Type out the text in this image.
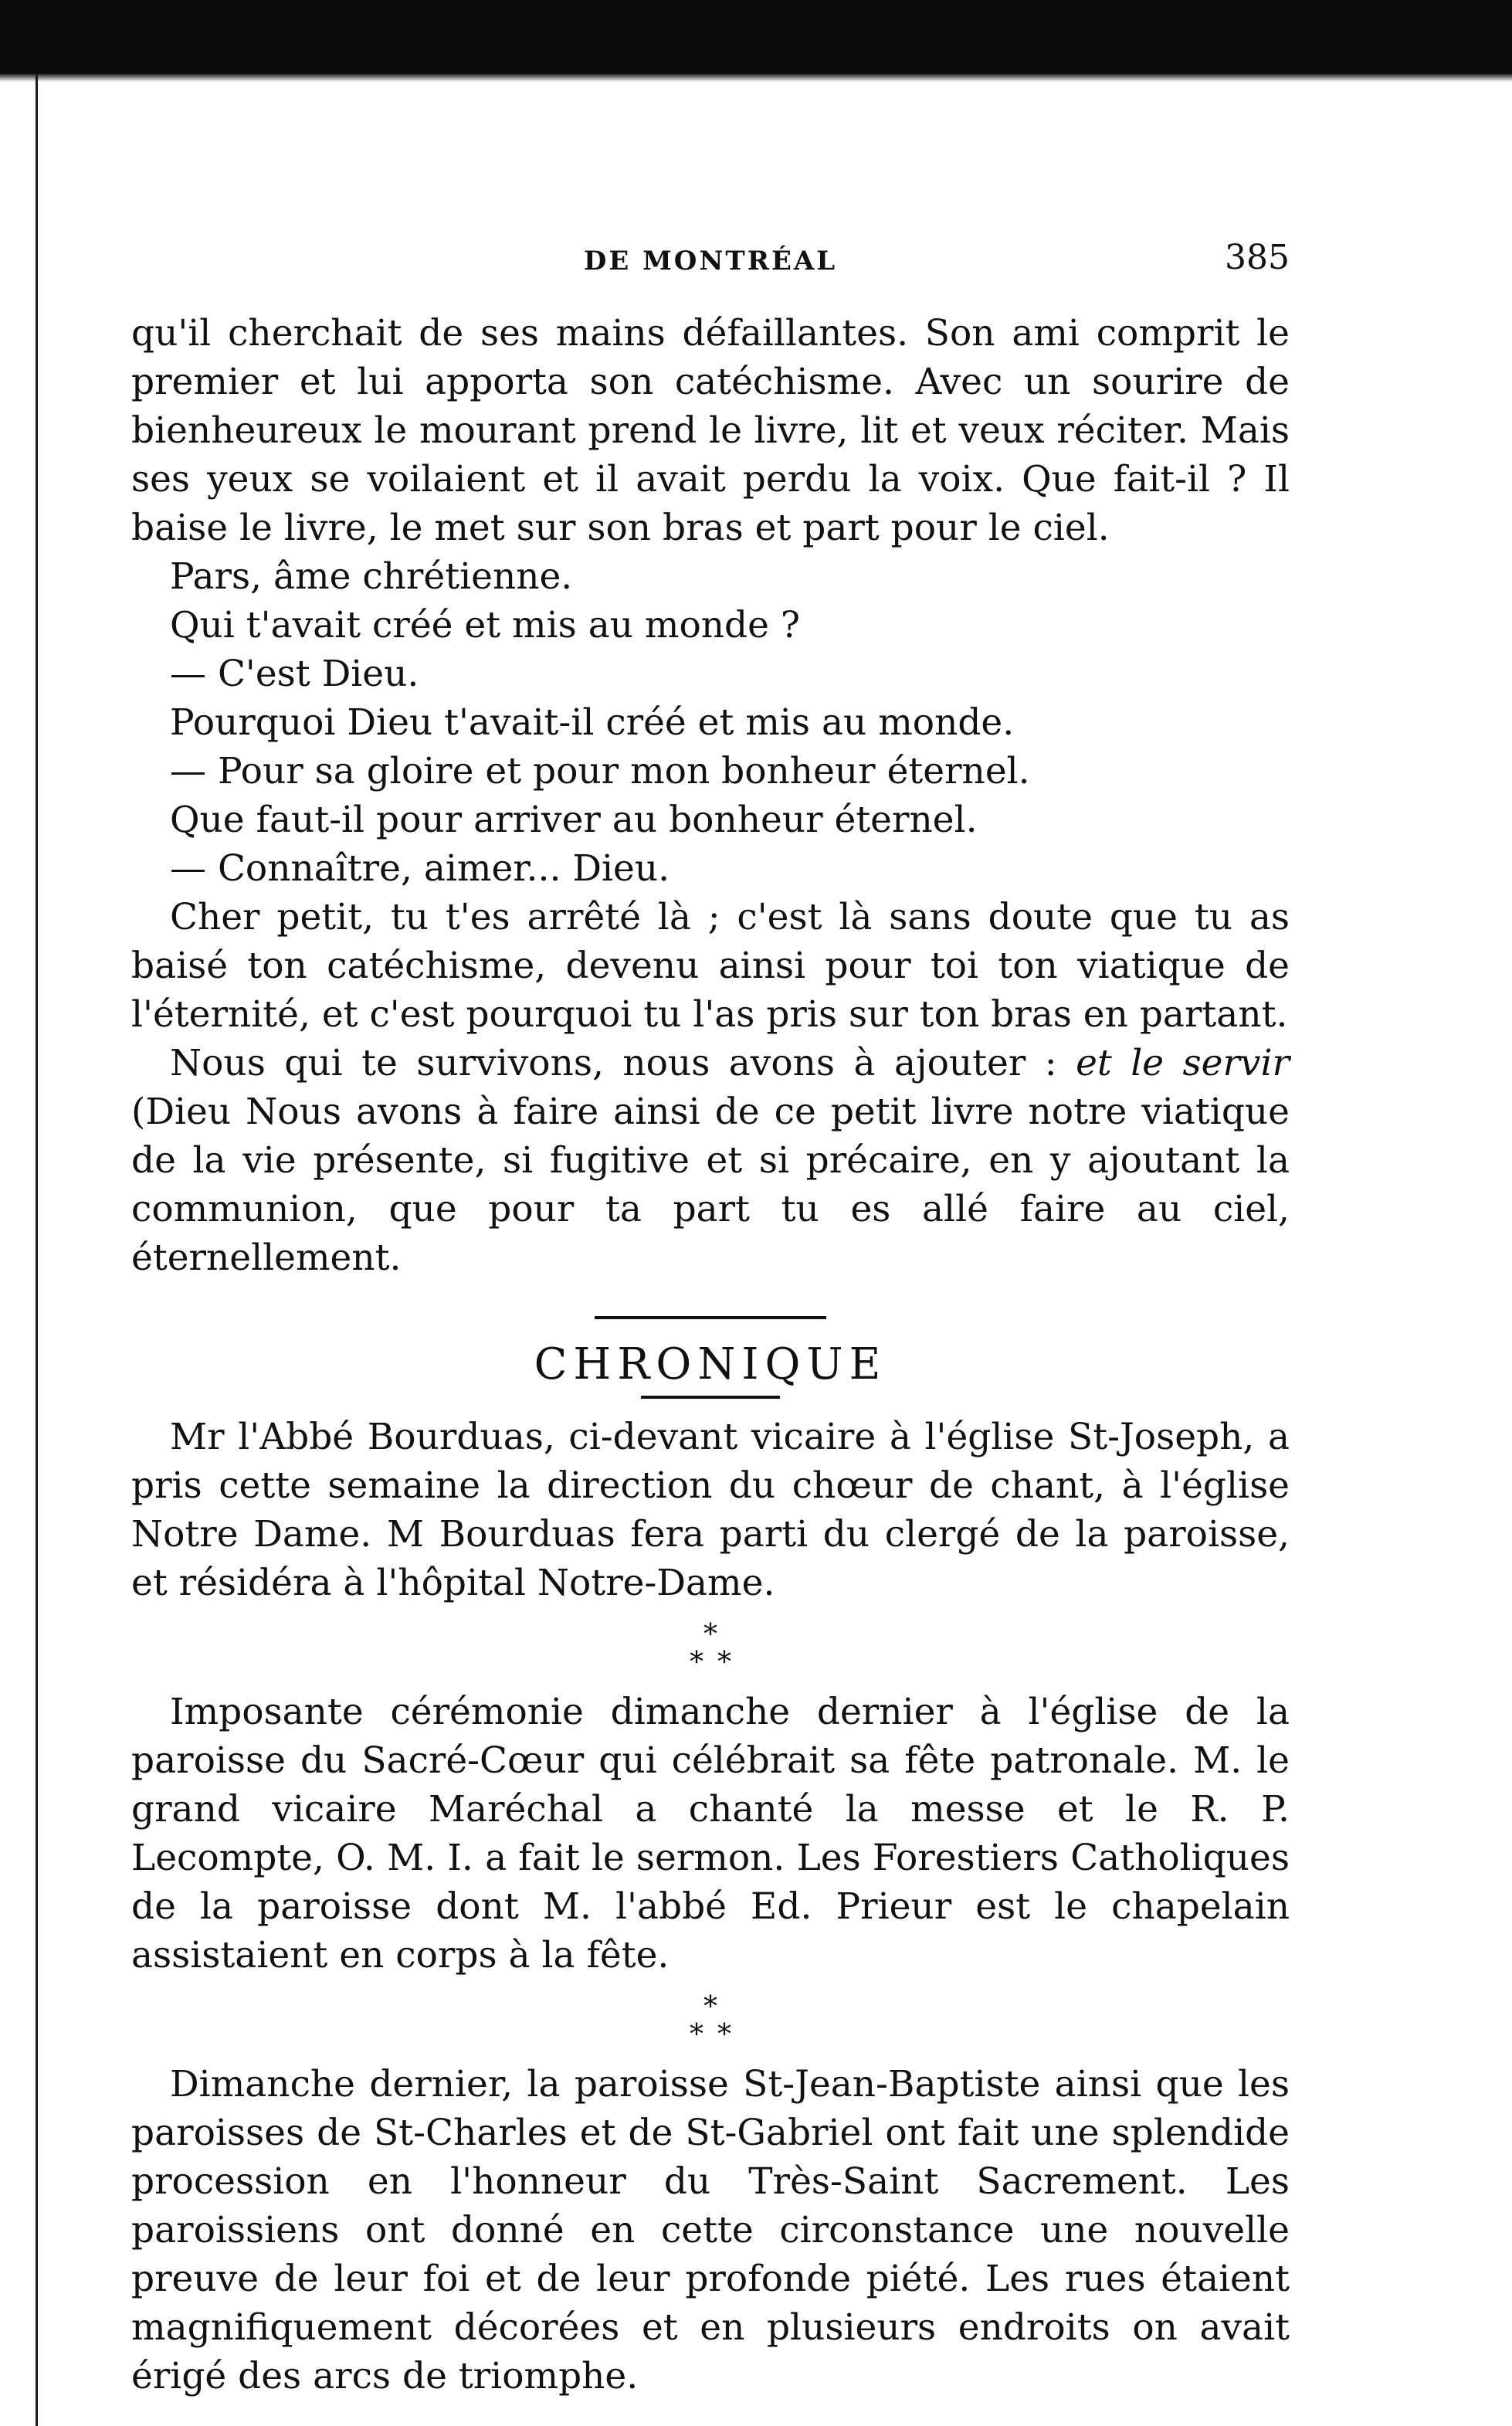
DE MONTRÉAL	385

qu'il cherchait de ses mains défaillantes. Son ami comprit le premier et lui apporta son catéchisme. Avec un sourire de bienheureux le mourant prend le livre, lit et veux réciter. Mais ses yeux se voilaient et il avait perdu la voix. Que fait-il ? Il baise le livre, le met sur son bras et part pour le ciel.

Pars, âme chrétienne.

Qui t'avait créé et mis au monde ?

— C'est Dieu.

Pourquoi Dieu t'avait-il créé et mis au monde.

— Pour sa gloire et pour mon bonheur éternel.

Que faut-il pour arriver au bonheur éternel.

— Connaître, aimer... Dieu.

Cher petit, tu t'es arrêté là ; c'est là sans doute que tu as baisé ton catéchisme, devenu ainsi pour toi ton viatique de l'éternité, et c'est pourquoi tu l'as pris sur ton bras en partant.

Nous qui te survivons, nous avons à ajouter : et le servir (Dieu Nous avons à faire ainsi de ce petit livre notre viatique de la vie présente, si fugitive et si précaire, en y ajoutant la communion, que pour ta part tu es allé faire au ciel, éternellement.

CHRONIQUE

Mr l'Abbé Bourduas, ci-devant vicaire à l'église St-Joseph, a pris cette semaine la direction du chœur de chant, à l'église Notre Dame. M Bourduas fera parti du clergé de la paroisse, et résidéra à l'hôpital Notre-Dame.

*
**

Imposante cérémonie dimanche dernier à l'église de la paroisse du Sacré-Cœur qui célébrait sa fête patronale. M. le grand vicaire Maréchal a chanté la messe et le R. P. Lecompte, O. M. I. a fait le sermon. Les Forestiers Catholiques de la paroisse dont M. l'abbé Ed. Prieur est le chapelain assistaient en corps à la fête.

*
**

Dimanche dernier, la paroisse St-Jean-Baptiste ainsi que les paroisses de St-Charles et de St-Gabriel ont fait une splendide procession en l'honneur du Très-Saint Sacrement. Les paroissiens ont donné en cette circonstance une nouvelle preuve de leur foi et de leur profonde piété. Les rues étaient magnifiquement décorées et en plusieurs endroits on avait érigé des arcs de triomphe.
